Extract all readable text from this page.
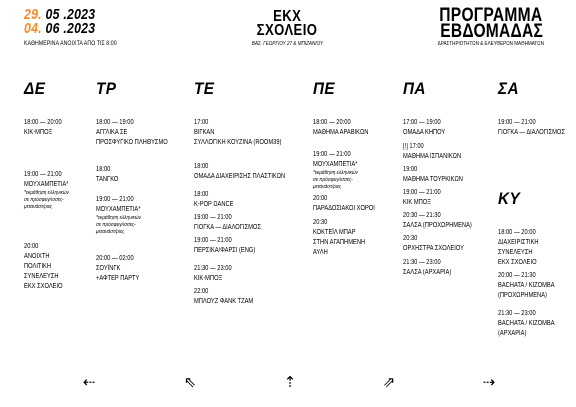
29. 05 .2023
04. 06 .2023
ΚΑΘΗΜΕΡΙΝΑ ΑΝΟΙΧΤΑ ΑΠΟ ΤΙΣ 8:00
ΕΚΧ
ΣΧΟΛΕΙΟ
ΒΑΣ. ΓΕΩΡΓΙΟΥ 27 & ΜΠΙΖΑΝΙΟΥ
ΠΡΟΓΡΑΜΜΑ
ΕΒΔΟΜΑΔΑΣ
ΔΡΑΣΤΗΡΙΟΤΗΤΩΝ & ΕΛΕΥΘΕΡΩΝ ΜΑΘΗΜΑΤΩΝ
ΔΕ
18:00 — 20:00
ΚΙΚ-ΜΠΟΞ
19:00 — 21:00
ΜΟΥΧΑΜΠΕΤΙΑ*
*εκμάθηση ελληνικών
σε πρόσφυγ/ισσες-
μετανάστ/ριες
20:00
ΑΝΟΙΧΤΗ
ΠΟΛΙΤΙΚΗ
ΣΥΝΕΛΕΥΣΗ
ΕΚΧ ΣΧΟΛΕΙΟ
ΤΡ
18:00 — 19:00
ΑΓΓΛΙΚΑ ΣΕ
ΠΡΟΣΦΥΓΙΚΟ ΠΛΗΘΥΣΜΟ
18:00
ΤΑΝΓΚΟ
19:00 — 21:00
ΜΟΥΧΑΜΠΕΤΙΑ*
*εκμάθηση ελληνικών
σε πρόσφυγ/ισσες-
μετανάστ/ριες
20:00 — 02:00
ΣΟΥΪΝΓΚ
+ΑΦΤΕΡ ΠΑΡΤΥ
ΤΕ
17:00
ΒΙΓΚΑΝ
ΣΥΛΛΟΓΙΚΗ ΚΟΥΖΙΝΑ (ROOM39)
18:00
ΟΜΑΔΑ ΔΙΑΧΕΙΡΙΣΗΣ ΠΛΑΣΤΙΚΩΝ
18:00
K-POP DANCE
19:00 — 21:00
ΓΙΟΓΚΑ — ΔΙΑΛΟΓΙΣΜΟΣ
19:00 — 21:00
ΠΕΡΣΙΚΑ/ΦΑΡΣΙ (ENG)
21:30 — 23:00
ΚΙΚ-ΜΠΟΞ
22:00
ΜΠΛΟΥΖ ΦΑΝΚ ΤΖΑΜ
ΠΕ
18:00 — 20:00
ΜΑΘΗΜΑ ΑΡΑΒΙΚΩΝ
19:00 — 21:00
ΜΟΥΧΑΜΠΕΤΙΑ*
*εκμάθηση ελληνικών
σε πρόσφυγ/ισσες-
μετανάστ/ριες
20:00
ΠΑΡΑΔΟΣΙΑΚΟΙ ΧΟΡΟΙ
20:30
ΚΟΚΤΕΪΛ ΜΠΑΡ
ΣΤΗΝ ΑΓΑΠΗΜΕΝΗ
ΑΥΛΗ
ΠΑ
17:00 — 19:00
ΟΜΑΔΑ ΚΗΠΟΥ
[!] 17:00
ΜΑΘΗΜΑ ΙΣΠΑΝΙΚΩΝ
19:00
ΜΑΘΗΜΑ ΤΟΥΡΚΙΚΩΝ
19:00 — 21:00
ΚΙΚ ΜΠΟΞ
20:30 — 21:30
ΣΑΛΣΑ (ΠΡΟΧΩΡΗΜΕΝΑ)
20:30
ΟΡΧΗΣΤΡΑ ΣΧΟΛΕΙΟΥ
21:30 — 23:00
ΣΑΛΣΑ (ΑΡΧΑΡΙΑ)
ΣΑ
19:00 — 21:00
ΓΙΟΓΚΑ — ΔΙΑΛΟΓΙΣΜΟΣ
ΚΥ
18:00 — 20:00
ΔΙΑΧΕΙΡΙΣΤΙΚΗ
ΣΥΝΕΛΕΥΣΗ
ΕΚΧ ΣΧΟΛΕΙΟ
20:00 — 21:30
BACHATA / KIZOMBA
(ΠΡΟΧΩΡΗΜΕΝΑ)
21:30 — 23:00
BACHATA / KIZOMBA
(ΑΡΧΑΡΙΑ)
⇠	⇖	⇡	⇗	⇢
